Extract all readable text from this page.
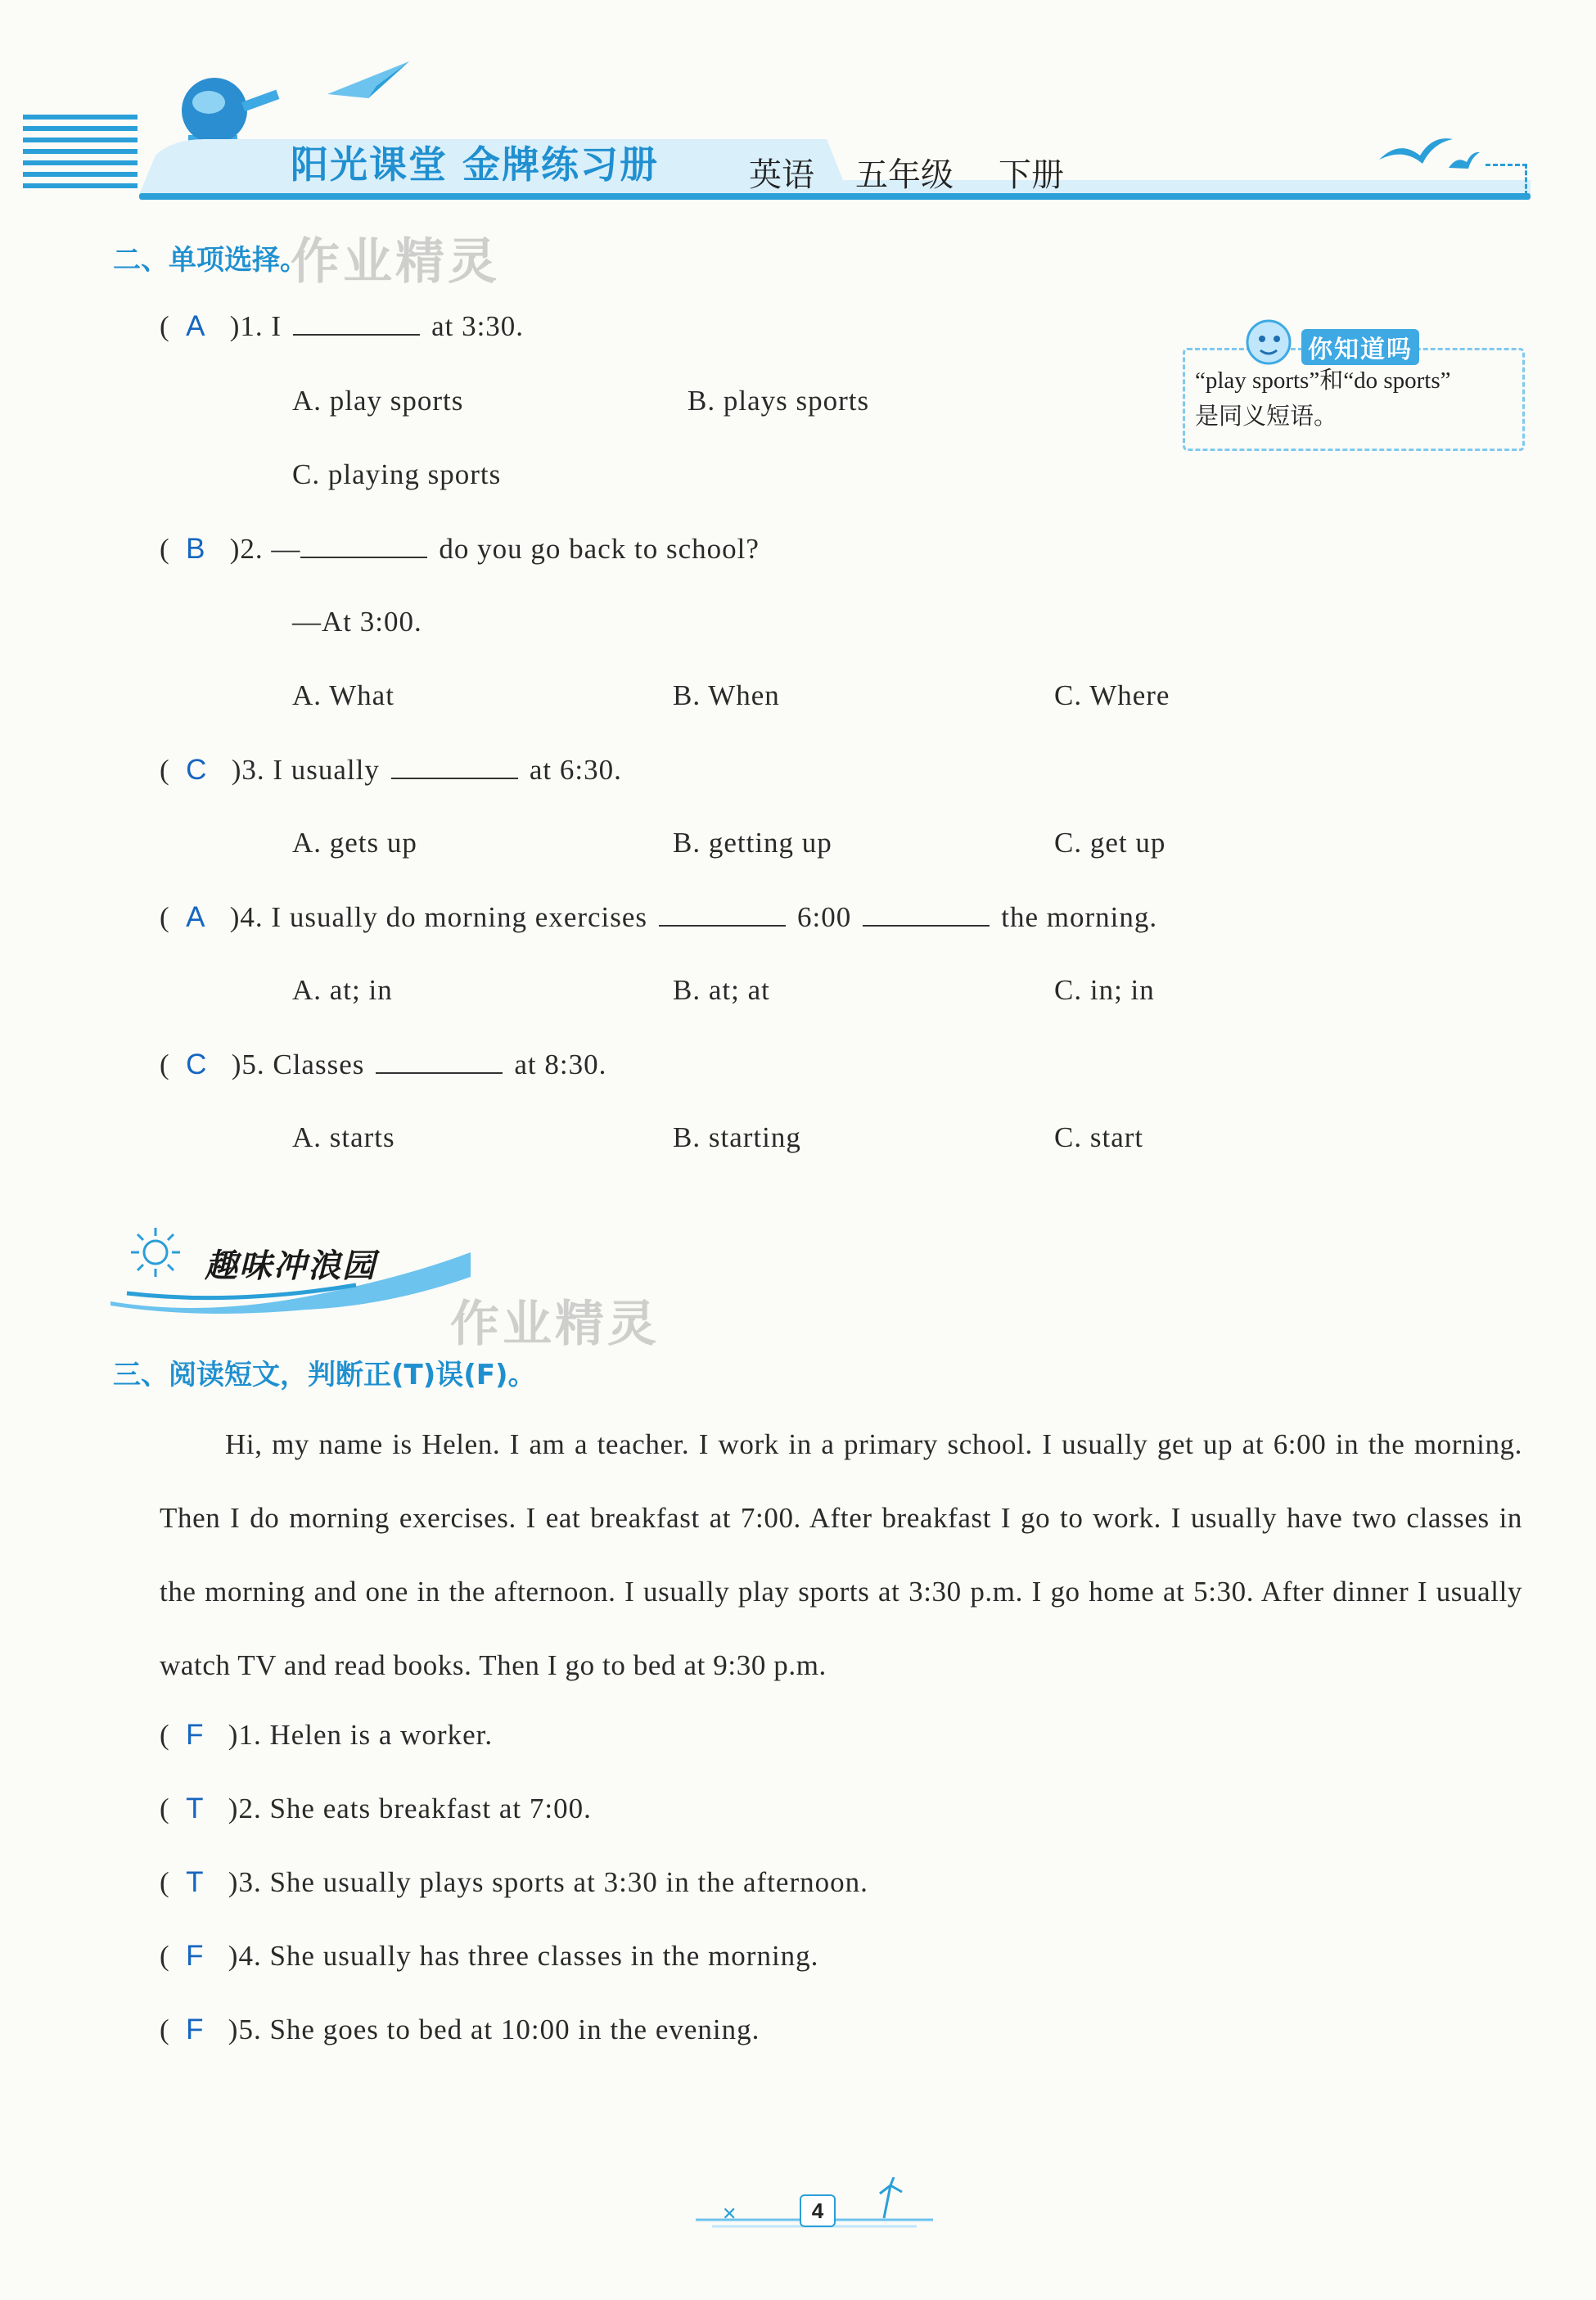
阳光课堂 金牌练习册	英语 五年级 下册
二、单项选择。
作业精灵
你知道吗
“play sports”和“do sports”
是同义短语。
( A )1. I	at 3:30.
A. play sports	B. plays sports
C. playing sports
( B )2. —	do you go back to school?
—At 3:00.
A. What	B. When	C. Where
( C )3. I usually	at 6:30.
A. gets up	B. getting up	C. get up
( A )4. I usually do morning exercises	6:00	the morning.
A. at; in	B. at; at	C. in; in
( C )5. Classes	at 8:30.
A. starts	B. starting	C. start
趣味冲浪园
作业精灵
三、阅读短文，判断正(T)误(F)。
Hi, my name is Helen. I am a teacher. I work in a primary school. I usually get up at 6:00 in the morning. Then I do morning exercises. I eat breakfast at 7:00. After breakfast I go to work. I usually have two classes in the morning and one in the afternoon. I usually play sports at 3:30 p.m. I go home at 5:30. After dinner I usually watch TV and read books. Then I go to bed at 9:30 p.m.
( F )1. Helen is a worker.
( T )2. She eats breakfast at 7:00.
( T )3. She usually plays sports at 3:30 in the afternoon.
( F )4. She usually has three classes in the morning.
( F )5. She goes to bed at 10:00 in the evening.
✕	4
